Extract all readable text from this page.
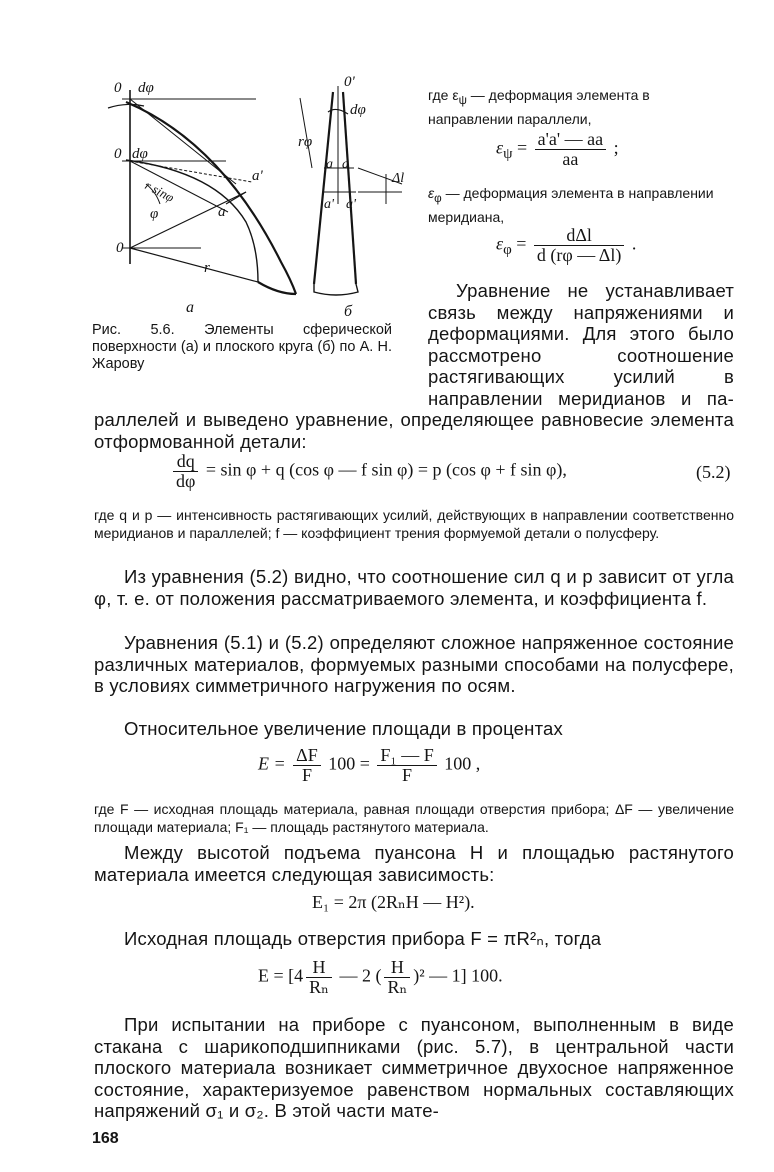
0 dφ
0 dφ
r sinφ
φ
0
r
a'
a
а
0'
dφ
rφ
a a
a' a'
Δl
б
Рис. 5.6. Элементы сферической поверхности (а) и плоского круга (б) по А. Н. Жарову
где $\varepsilon_\psi$ — деформация элемента в направлении параллели,
$\varepsilon_\psi = \frac{a'a' — aa}{aa}$ ;
$\varepsilon_\varphi$ — деформация элемента в направлении меридиана,
$\varepsilon_\varphi = \frac{\text{dΔl}}{d (r\varphi — \Delta l)}$ .
Уравнение не устанавливает связь между напряжениями и деформациями. Для этого было рассмотрено соотношение растягивающих усилий в направлении меридианов и па-
раллелей и выведено уравнение, определяющее равновесие элемента отформованной детали:
$\frac{dq}{d\varphi} = \sin \varphi + q$ (cos φ — f sin φ) = p (cos φ + f sin φ),	(5.2)
где q и p — интенсивность растягивающих усилий, действующих в направлении соответственно меридианов и параллелей; f — коэффициент трения формуемой детали о полусферу.
Из уравнения (5.2) видно, что соотношение сил q и p зависит от угла φ, т. е. от положения рассматриваемого элемента, и коэффициента f.
Уравнения (5.1) и (5.2) определяют сложное напряженное состояние различных материалов, формуемых разными способами на полусфере, в условиях симметричного нагружения по осям.
Относительное увеличение площади в процентах
$E = \frac{\Delta F}{F} 100 = \frac{\text{F₁ — F}}{F} 100$ ,
где F — исходная площадь материала, равная площади отверстия прибора; ΔF — увеличение площади материала; F₁ — площадь растянутого материала.
Между высотой подъема пуансона H и площадью растянутого материала имеется следующая зависимость:
E₁ = 2π (2RₙH — H²).
Исходная площадь отверстия прибора F = πR²ₙ, тогда
$E = [4 \frac{H}{\text{Rₙ}}$ — 2 ( $\frac{H}{\text{Rₙ}} )^2$ — 1] 100.
При испытании на приборе с пуансоном, выполненным в виде стакана с шарикоподшипниками (рис. 5.7), в центральной части плоского материала возникает симметричное двухосное напряженное состояние, характеризуемое равенством нормальных составляющих напряжений σ₁ и σ₂. В этой части мате-
168
